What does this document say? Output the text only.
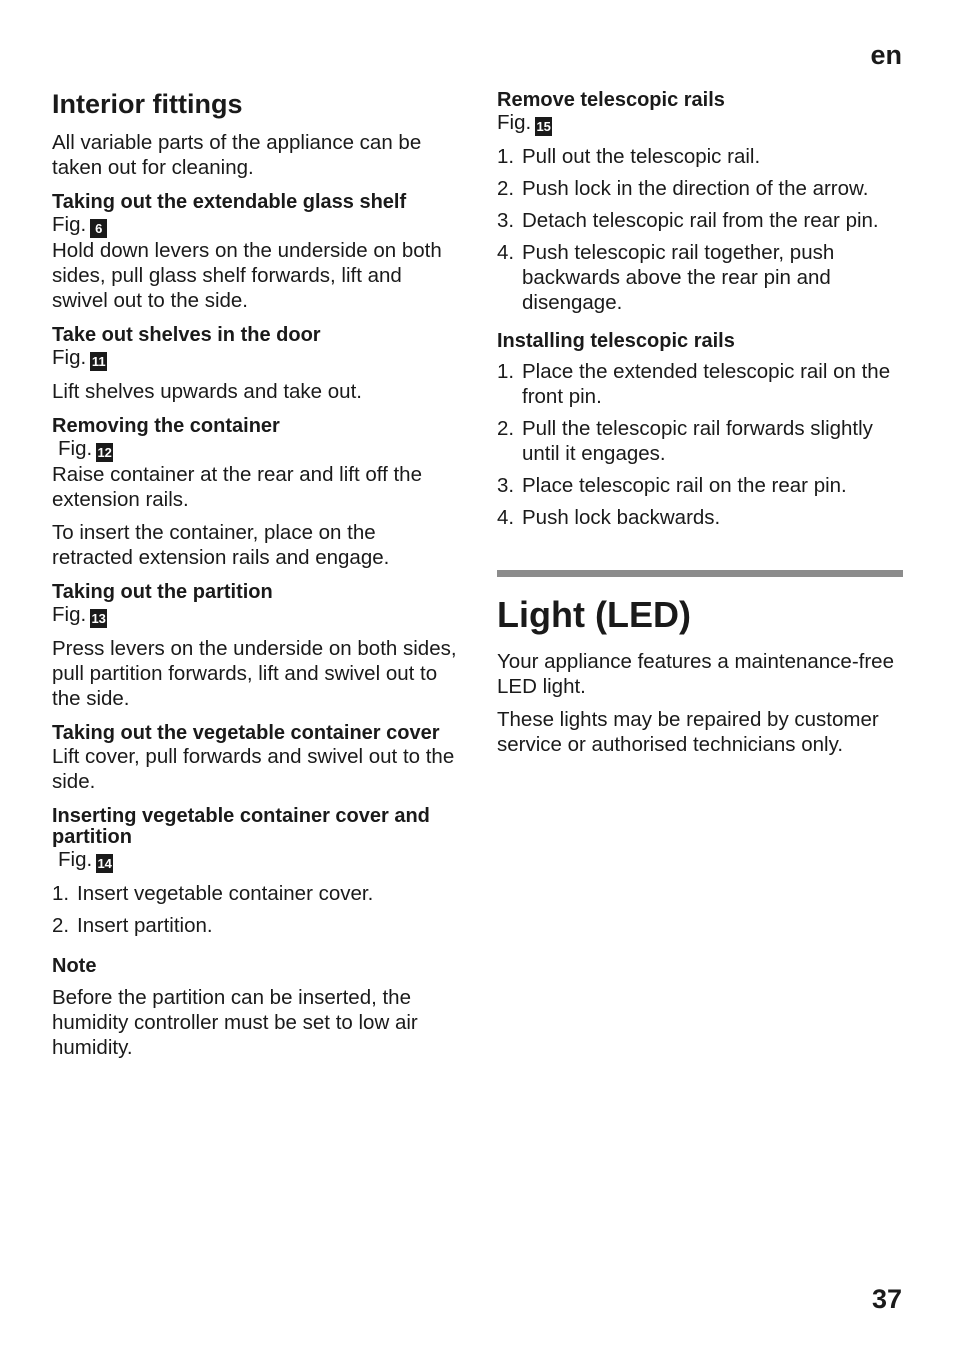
en
Interior fittings

All variable parts of the appliance can be taken out for cleaning.

Taking out the extendable glass shelf
Fig. 6

Hold down levers on the underside on both sides, pull glass shelf forwards, lift and swivel out to the side.

Take out shelves in the door
Fig. 11

Lift shelves upwards and take out.

Removing the container
Fig. 12

Raise container at the rear and lift off the extension rails.

To insert the container, place on the retracted extension rails and engage.

Taking out the partition
Fig. 13

Press levers on the underside on both sides, pull partition forwards, lift and swivel out to the side.

Taking out the vegetable container cover

Lift cover, pull forwards and swivel out to the side.

Inserting vegetable container cover and partition
Fig. 14
1. Insert vegetable container cover.
2. Insert partition.
Note

Before the partition can be inserted, the humidity controller must be set to low air humidity.

Remove telescopic rails
Fig. 15
1. Pull out the telescopic rail.
2. Push lock in the direction of the arrow.
3. Detach telescopic rail from the rear pin.
4. Push telescopic rail together, push backwards above the rear pin and disengage.
Installing telescopic rails
1. Place the extended telescopic rail on the front pin.
2. Pull the telescopic rail forwards slightly until it engages.
3. Place telescopic rail on the rear pin.
4. Push lock backwards.
Light (LED)

Your appliance features a maintenance-free LED light.

These lights may be repaired by customer service or authorised technicians only.

37
